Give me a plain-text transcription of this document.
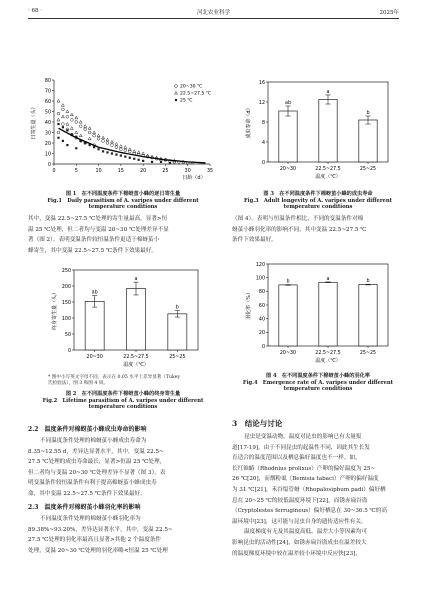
· 68 ·	河北农业科学	2025年
0
10
20
30
40
50
60
70
80
0	5	10	15	20	25	30	35
日龄（d）
日寄生量（头）
20~30 ℃
22.5~27.5 ℃
25 ℃
图 1　在不同温度条件下棉蚜茧小蜂的逐日寄生量
Fig.1　Daily parasitism of A. varipes under different temperature conditions
0
4
8
12
16
ab
20~30
a
22.5~27.5
b
25~25
温度（℃）
成虫寿命（d）
图 3　在不同温度条件下棉蚜茧小蜂的成虫寿命
Fig.3　Adult longevity of A. varipes under different temperature conditions
其中，变温 22.5~27.5 ℃处理的寄生量最高，显著>恒
温 25 ℃处理，但二者均与变温 20~30 ℃处理差异不显
著（图 2）。表明变温条件较恒温条件更适于棉蚜茧小
蜂寄生，其中变温 22.5~27.5 ℃条件下效果最好。
（图 4）。表明与恒温条件相比，不同的变温条件对棉
蚜茧小蜂羽化率的影响不同，其中变温 22.5~27.5 ℃
条件下效果最好。
0
50
100
150
200
250
ab
20~30
a
22.5~27.5
b
25~25
温度（℃）
终身寄生量（头）
* 图中小写英文字母不同，表示在 0.05 水平上差异显著（Tukey
氏检验法），图 3 和图 4 同。
图 2　在不同温度条件下棉蚜茧小蜂的终身寄生量
Fig.2　Lifetime parasitism of A. varipes under different temperature conditions
0
20
40
60
80
100
120
b
20~30
a
22.5~27.5
b
25~25
温度（℃）
羽化率（%）
图 4　在不同温度条件下棉蚜茧小蜂的羽化率
Fig.4　Emergence rate of A. varipes under different temperature conditions
2.2　温度条件对棉蚜茧小蜂成虫寿命的影响
不同温度条件处理的棉蚜茧小蜂成虫寿命为
8.35~12.55 d，差异达显著水平，其中，变温 22.5~
27.5 ℃处理的成虫寿命最长，显著>恒温 25 ℃处理，
但二者均与变温 20~30 ℃处理差异不显著（图 3）。表
明变温条件较恒温条件有利于提高棉蚜茧小蜂成虫寿
命，其中变温 22.5~27.5 ℃条件下效果最好。
2.3　温度条件对棉蚜茧小蜂羽化率的影响
不同温度条件处理的棉蚜茧小蜂羽化率为
89.38%~93.20%，差异达显著水平，其中，变温 22.5~
27.5 ℃处理的羽化率最高且显著>其他 2 个温度条件
处理，变温 20~30 ℃处理的羽化率略<恒温 25 ℃处理
3　结论与讨论
昆虫是变温动物，温度对昆虫的影响已有大量报
道[17-19]。由于不同昆虫的起温性不同，因此其生长发
育适合的温度范围以及栖息偏好温度也不一样。如，
长红锥蝽（Rhodnius prolixus）产卵的偏好温度为 25~
26 ℃[20]，而烟粉虱（Bemisia tabaci）产卵的偏好温度
为 31 ℃[21]，禾谷缢管蚜（Rhopalosiphum padi）偏好栖
息在 20~25 ℃的较低温度环境下[22]，而锈赤扁谷盗
（Cryptolestes ferrugineus）偏好栖息在 30~36.5 ℃的高
温环境中[23]，这可能与昆虫自身的遗传适应性有关。
温度梯度有无及其温度高低、温差大小等因素均可
影响昆虫的活动性[24]。如锈赤扁谷盗成虫在温差较大
的温度梯度环境中较在温差较小环境中反应快[23]，
